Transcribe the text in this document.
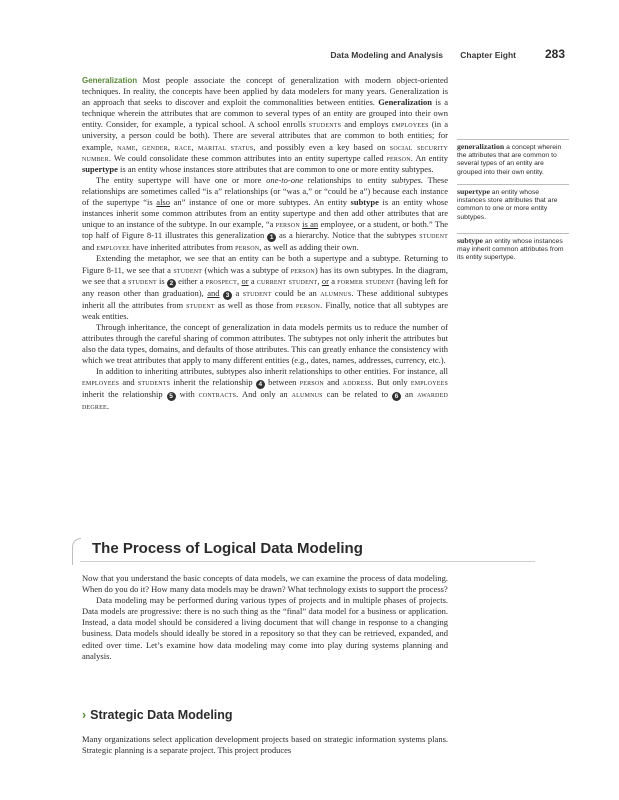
Data Modeling and Analysis Chapter Eight 283

Generalization Most people associate the concept of generalization with modern object-oriented techniques. In reality, the concepts have been applied by data modelers for many years. Generalization is an approach that seeks to discover and exploit the commonalities between entities. Generalization is a technique wherein the attributes that are common to several types of an entity are grouped into their own entity. Consider, for example, a typical school. A school enrolls students and employs employees (in a university, a person could be both). There are several attributes that are common to both entities; for example, name, gender, race, marital status, and possibly even a key based on social security number. We could consolidate these common attributes into an entity supertype called person. An entity supertype is an entity whose instances store attributes that are common to one or more entity subtypes.

The entity supertype will have one or more one-to-one relationships to entity subtypes. These relationships are sometimes called “is a” relationships (or “was a,” or “could be a”) because each instance of the supertype “is also an” instance of one or more subtypes. An entity subtype is an entity whose instances inherit some common attributes from an entity supertype and then add other attributes that are unique to an instance of the subtype. In our example, “a person is an employee, or a student, or both.” The top half of Figure 8-11 illustrates this generalization 1 as a hierarchy. Notice that the subtypes student and employee have inherited attributes from person, as well as adding their own.

Extending the metaphor, we see that an entity can be both a supertype and a subtype. Returning to Figure 8-11, we see that a student (which was a subtype of person) has its own subtypes. In the diagram, we see that a student is 2 either a prospect, or a current student, or a former student (having left for any reason other than graduation), and 3 a student could be an alumnus. These additional subtypes inherit all the attributes from student as well as those from person. Finally, notice that all subtypes are weak entities.

Through inheritance, the concept of generalization in data models permits us to reduce the number of attributes through the careful sharing of common attributes. The subtypes not only inherit the attributes but also the data types, domains, and defaults of those attributes. This can greatly enhance the consistency with which we treat attributes that apply to many different entities (e.g., dates, names, addresses, currency, etc.).

In addition to inheriting attributes, subtypes also inherit relationships to other entities. For instance, all employees and students inherit the relationship 4 between person and address. But only employees inherit the relationship 5 with contracts. And only an alumnus can be related to 6 an awarded degree.

The Process of Logical Data Modeling

Now that you understand the basic concepts of data models, we can examine the process of data modeling. When do you do it? How many data models may be drawn? What technology exists to support the process?

Data modeling may be performed during various types of projects and in multiple phases of projects. Data models are progressive: there is no such thing as the “final” data model for a business or application. Instead, a data model should be considered a living document that will change in response to a changing business. Data models should ideally be stored in a repository so that they can be retrieved, expanded, and edited over time. Let’s examine how data modeling may come into play during systems planning and analysis.

› Strategic Data Modeling

Many organizations select application development projects based on strategic information systems plans. Strategic planning is a separate project. This project produces

generalization a concept wherein the attributes that are common to several types of an entity are grouped into their own entity.
supertype an entity whose instances store attributes that are common to one or more entity subtypes.
subtype an entity whose instances may inherit common attributes from its entity supertype.
